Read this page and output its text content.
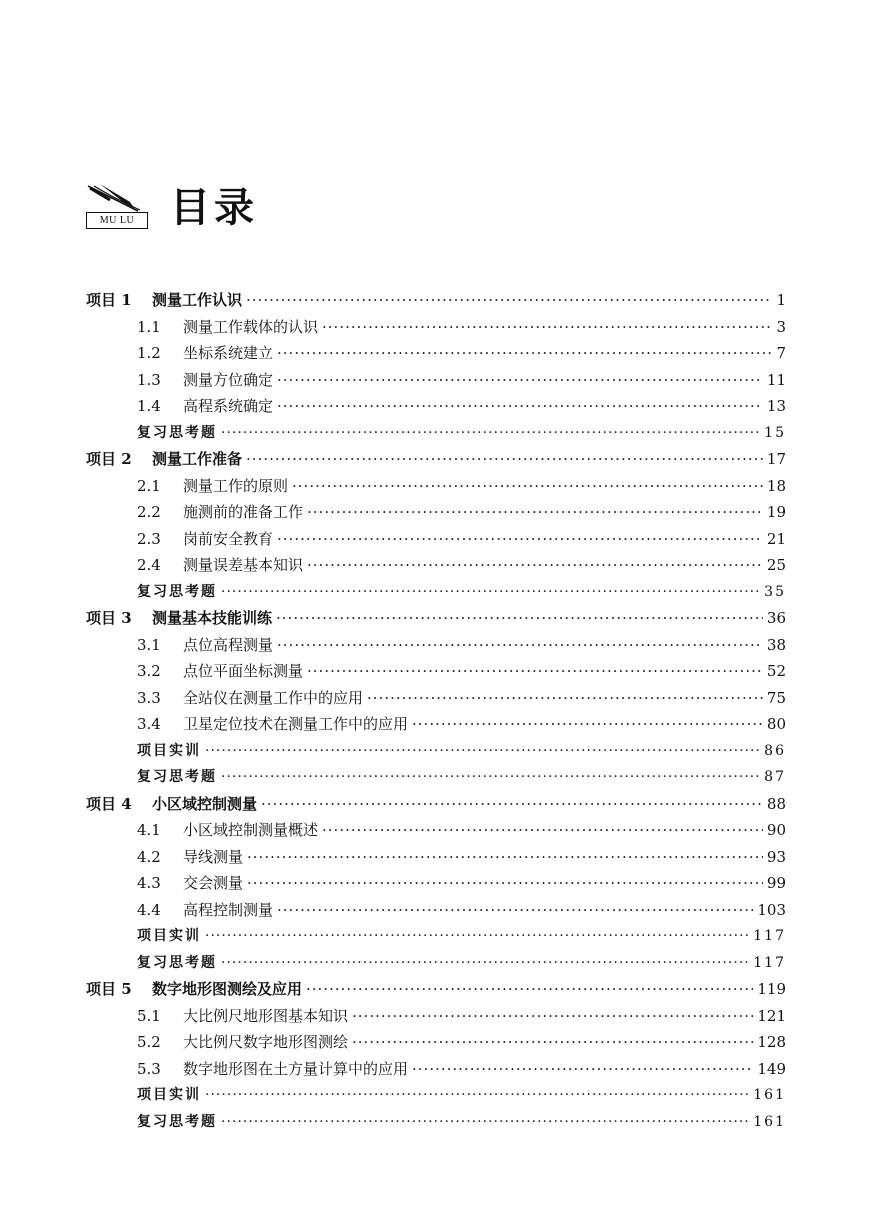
MU LU 目录
项目 1	测量工作认识 ·····	1
1.1	测量工作载体的认识 ·····	3
1.2	坐标系统建立 ·····	7
1.3	测量方位确定 ·····	11
1.4	高程系统确定 ·····	13
复习思考题 ·····	15
项目 2	测量工作准备 ·····	17
2.1	测量工作的原则 ·····	18
2.2	施测前的准备工作 ·····	19
2.3	岗前安全教育 ·····	21
2.4	测量误差基本知识 ·····	25
复习思考题 ·····	35
项目 3	测量基本技能训练 ·····	36
3.1	点位高程测量 ·····	38
3.2	点位平面坐标测量 ·····	52
3.3	全站仪在测量工作中的应用 ·····	75
3.4	卫星定位技术在测量工作中的应用 ·····	80
项目实训 ·····	86
复习思考题 ·····	87
项目 4	小区域控制测量 ·····	88
4.1	小区域控制测量概述 ·····	90
4.2	导线测量 ·····	93
4.3	交会测量 ·····	99
4.4	高程控制测量 ·····	103
项目实训 ·····	117
复习思考题 ·····	117
项目 5	数字地形图测绘及应用 ·····	119
5.1	大比例尺地形图基本知识 ·····	121
5.2	大比例尺数字地形图测绘 ·····	128
5.3	数字地形图在土方量计算中的应用 ·····	149
项目实训 ·····	161
复习思考题 ·····	161
